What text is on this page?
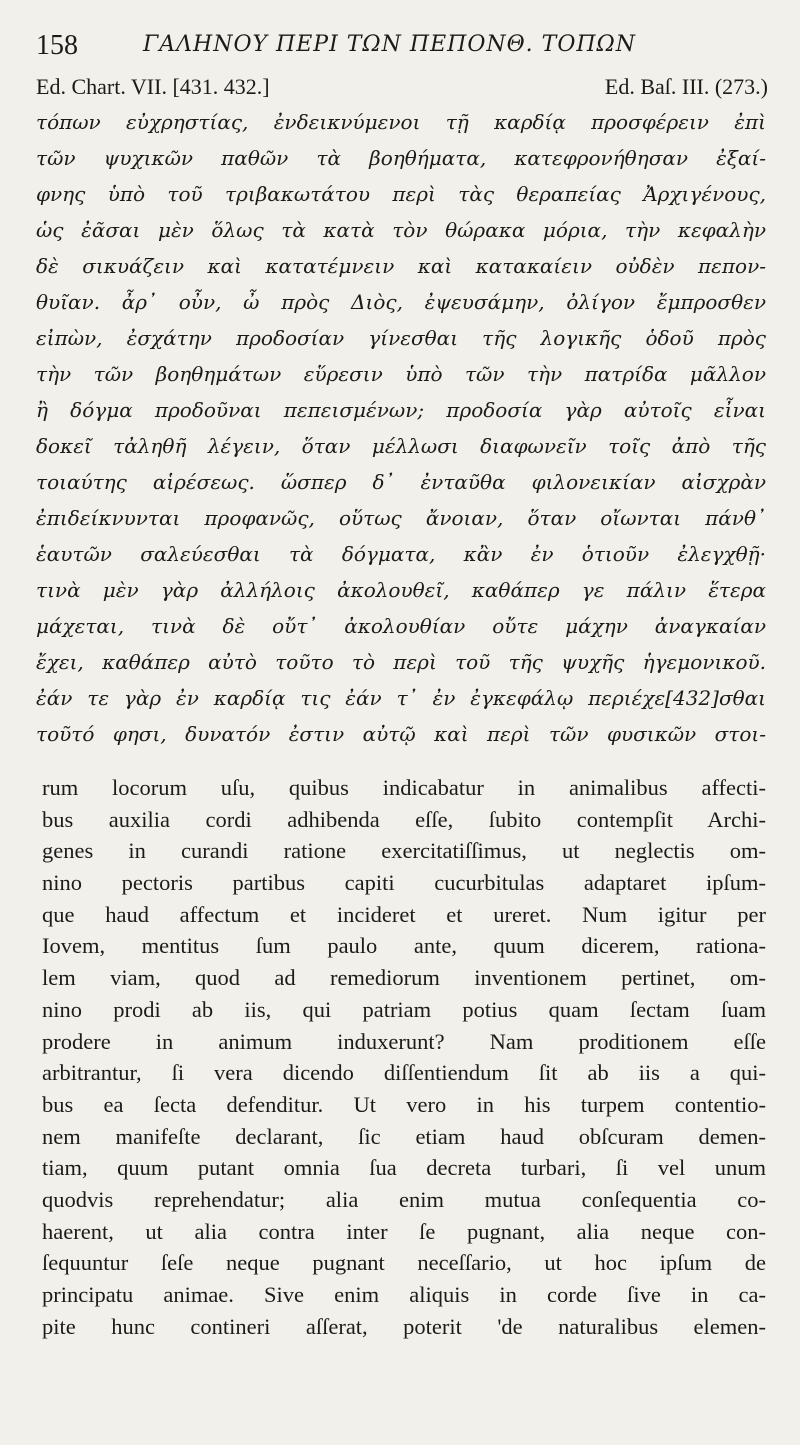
158	ΓΑΛΗΝΟΥ ΠΕΡΙ ΤΩΝ ΠΕΠΟΝΘ. ΤΟΠΩΝ
Ed. Chart. VII. [431. 432.]	Ed. Baſ. III. (273.)
τόπων εὐχρηστίας, ἐνδεικνύμενοι τῇ καρδίᾳ προσφέρειν ἐπὶ
τῶν ψυχικῶν παθῶν τὰ βοηθήματα, κατεφρονήθησαν ἐξαί-
φνης ὑπὸ τοῦ τριβακωτάτου περὶ τὰς θεραπείας Ἀρχιγένους,
ὡς ἐᾶσαι μὲν ὅλως τὰ κατὰ τὸν θώρακα μόρια, τὴν κεφαλὴν
δὲ σικυάζειν καὶ κατατέμνειν καὶ κατακαίειν οὐδὲν πεπον-
θυῖαν. ἆρ᾽ οὖν, ὦ πρὸς Διὸς, ἐψευσάμην, ὀλίγον ἔμπροσθεν
εἰπὼν, ἐσχάτην προδοσίαν γίνεσθαι τῆς λογικῆς ὁδοῦ πρὸς
τὴν τῶν βοηθημάτων εὕρεσιν ὑπὸ τῶν τὴν πατρίδα μᾶλλον
ἢ δόγμα προδοῦναι πεπεισμένων; προδοσία γὰρ αὐτοῖς εἶναι
δοκεῖ τἀληθῆ λέγειν, ὅταν μέλλωσι διαφωνεῖν τοῖς ἀπὸ τῆς
τοιαύτης αἱρέσεως. ὥσπερ δ᾽ ἐνταῦθα φιλονεικίαν αἰσχρὰν
ἐπιδείκνυνται προφανῶς, οὕτως ἄνοιαν, ὅταν οἴωνται πάνθ᾽
ἑαυτῶν σαλεύεσθαι τὰ δόγματα, κἂν ἐν ὁτιοῦν ἐλεγχθῇ·
τινὰ μὲν γὰρ ἀλλήλοις ἀκολουθεῖ, καθάπερ γε πάλιν ἕτερα
μάχεται, τινὰ δὲ οὔτ᾽ ἀκολουθίαν οὔτε μάχην ἀναγκαίαν
ἔχει, καθάπερ αὐτὸ τοῦτο τὸ περὶ τοῦ τῆς ψυχῆς ἡγεμονικοῦ.
ἐάν τε γὰρ ἐν καρδίᾳ τις ἐάν τ᾽ ἐν ἐγκεφάλῳ περιέχε[432]σθαι
τοῦτό φησι, δυνατόν ἐστιν αὐτῷ καὶ περὶ τῶν φυσικῶν στοι-
rum locorum uſu, quibus indicabatur in animalibus affecti-
bus auxilia cordi adhibenda eſſe, ſubito contempſit Archi-
genes in curandi ratione exercitatiſſimus, ut neglectis om-
nino pectoris partibus capiti cucurbitulas adaptaret ipſum-
que haud affectum et incideret et ureret. Num igitur per
Iovem, mentitus ſum paulo ante, quum dicerem, rationa-
lem viam, quod ad remediorum inventionem pertinet, om-
nino prodi ab iis, qui patriam potius quam ſectam ſuam
prodere in animum induxerunt? Nam proditionem eſſe
arbitrantur, ſi vera dicendo diſſentiendum ſit ab iis a qui-
bus ea ſecta defenditur. Ut vero in his turpem contentio-
nem manifeſte declarant, ſic etiam haud obſcuram demen-
tiam, quum putant omnia ſua decreta turbari, ſi vel unum
quodvis reprehendatur; alia enim mutua conſequentia co-
haerent, ut alia contra inter ſe pugnant, alia neque con-
ſequuntur ſeſe neque pugnant neceſſario, ut hoc ipſum de
principatu animae. Sive enim aliquis in corde ſive in ca-
pite hunc contineri aſſerat, poterit 'de naturalibus elemen-
